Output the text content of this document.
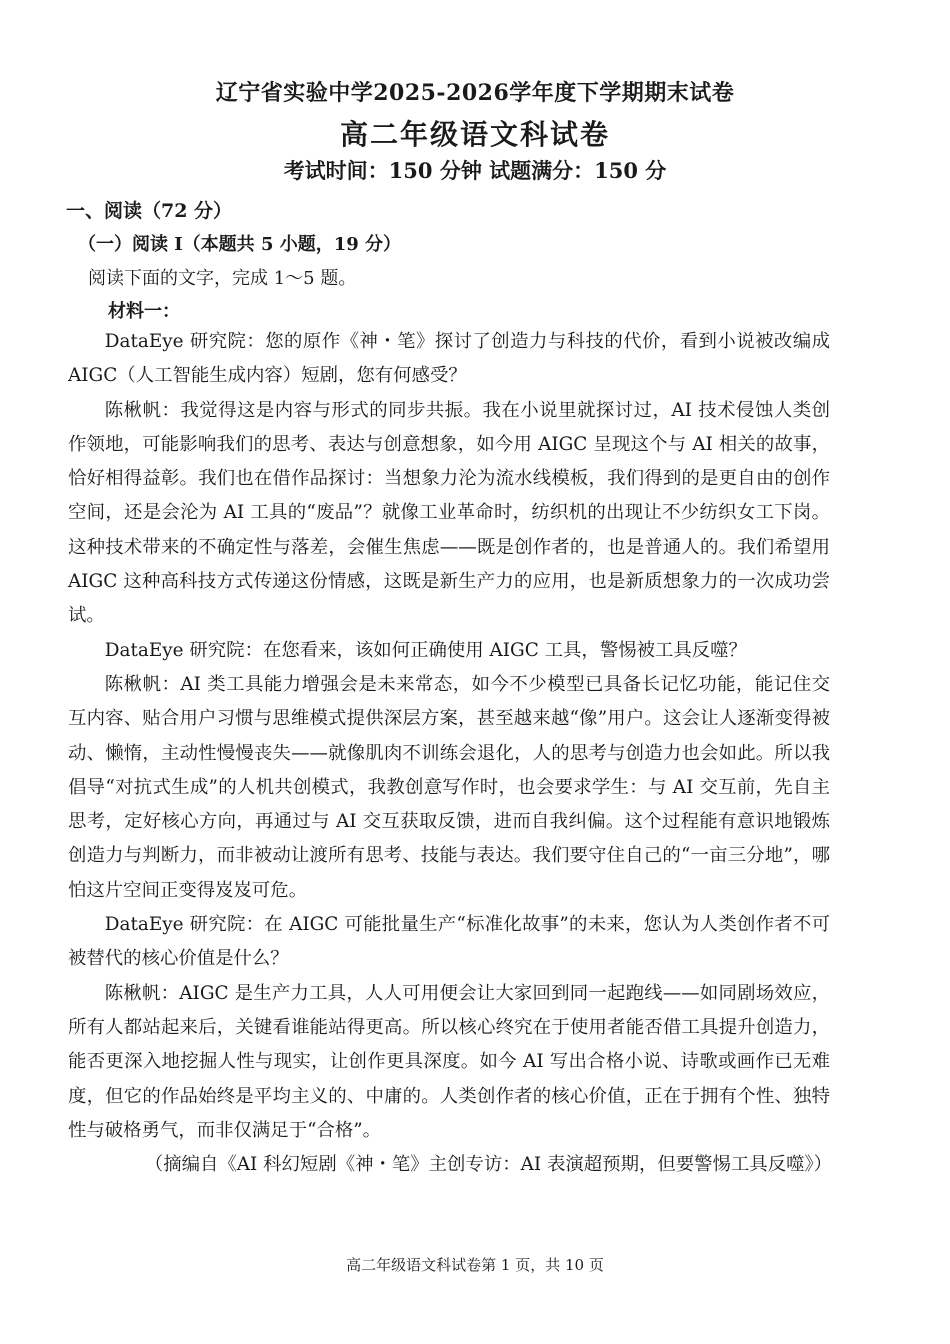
辽宁省实验中学2025-2026学年度下学期期末试卷
高二年级语文科试卷
考试时间：150 分钟 试题满分：150 分
一、阅读（72 分）
（一）阅读 I（本题共 5 小题，19 分）
阅读下面的文字，完成 1～5 题。
材料一：

DataEye 研究院：您的原作《神・笔》探讨了创造力与科技的代价，看到小说被改编成 AIGC（人工智能生成内容）短剧，您有何感受？

陈楸帆：我觉得这是内容与形式的同步共振。我在小说里就探讨过，AI 技术侵蚀人类创作领地，可能影响我们的思考、表达与创意想象，如今用 AIGC 呈现这个与 AI 相关的故事，恰好相得益彰。我们也在借作品探讨：当想象力沦为流水线模板，我们得到的是更自由的创作空间，还是会沦为 AI 工具的“废品”？就像工业革命时，纺织机的出现让不少纺织女工下岗。这种技术带来的不确定性与落差，会催生焦虑——既是创作者的，也是普通人的。我们希望用 AIGC 这种高科技方式传递这份情感，这既是新生产力的应用，也是新质想象力的一次成功尝试。

DataEye 研究院：在您看来，该如何正确使用 AIGC 工具，警惕被工具反噬？

陈楸帆：AI 类工具能力增强会是未来常态，如今不少模型已具备长记忆功能，能记住交互内容、贴合用户习惯与思维模式提供深层方案，甚至越来越“像”用户。这会让人逐渐变得被动、懒惰，主动性慢慢丧失——就像肌肉不训练会退化，人的思考与创造力也会如此。所以我倡导“对抗式生成”的人机共创模式，我教创意写作时，也会要求学生：与 AI 交互前，先自主思考，定好核心方向，再通过与 AI 交互获取反馈，进而自我纠偏。这个过程能有意识地锻炼创造力与判断力，而非被动让渡所有思考、技能与表达。我们要守住自己的“一亩三分地”，哪怕这片空间正变得岌岌可危。

DataEye 研究院：在 AIGC 可能批量生产“标准化故事”的未来，您认为人类创作者不可被替代的核心价值是什么？

陈楸帆：AIGC 是生产力工具，人人可用便会让大家回到同一起跑线——如同剧场效应，所有人都站起来后，关键看谁能站得更高。所以核心终究在于使用者能否借工具提升创造力，能否更深入地挖掘人性与现实，让创作更具深度。如今 AI 写出合格小说、诗歌或画作已无难度，但它的作品始终是平均主义的、中庸的。人类创作者的核心价值，正在于拥有个性、独特性与破格勇气，而非仅满足于“合格”。

（摘编自《AI 科幻短剧《神・笔》主创专访：AI 表演超预期，但要警惕工具反噬》）

高二年级语文科试卷第 1 页，共 10 页
